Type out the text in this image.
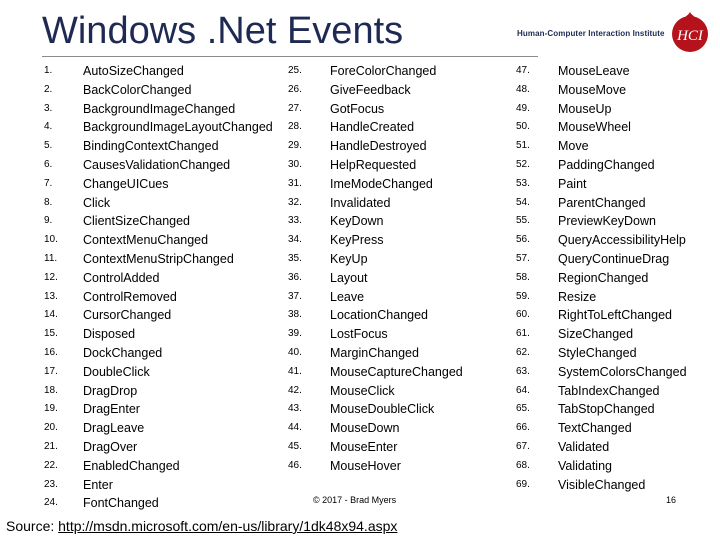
Windows .Net Events	Human-Computer Interaction Institute HCI
1. AutoSizeChanged
2. BackColorChanged
3. BackgroundImageChanged
4. BackgroundImageLayoutChanged
5. BindingContextChanged
6. CausesValidationChanged
7. ChangeUICues
8. Click
9. ClientSizeChanged
10. ContextMenuChanged
11. ContextMenuStripChanged
12. ControlAdded
13. ControlRemoved
14. CursorChanged
15. Disposed
16. DockChanged
17. DoubleClick
18. DragDrop
19. DragEnter
20. DragLeave
21. DragOver
22. EnabledChanged
23. Enter
24. FontChanged
25. ForeColorChanged
26. GiveFeedback
27. GotFocus
28. HandleCreated
29. HandleDestroyed
30. HelpRequested
31. ImeModeChanged
32. Invalidated
33. KeyDown
34. KeyPress
35. KeyUp
36. Layout
37. Leave
38. LocationChanged
39. LostFocus
40. MarginChanged
41. MouseCaptureChanged
42. MouseClick
43. MouseDoubleClick
44. MouseDown
45. MouseEnter
46. MouseHover
47. MouseLeave
48. MouseMove
49. MouseUp
50. MouseWheel
51. Move
52. PaddingChanged
53. Paint
54. ParentChanged
55. PreviewKeyDown
56. QueryAccessibilityHelp
57. QueryContinueDrag
58. RegionChanged
59. Resize
60. RightToLeftChanged
61. SizeChanged
62. StyleChanged
63. SystemColorsChanged
64. TabIndexChanged
65. TabStopChanged
66. TextChanged
67. Validated
68. Validating
69. VisibleChanged
© 2017 - Brad Myers	16
Source: http://msdn.microsoft.com/en-us/library/1dk48x94.aspx
